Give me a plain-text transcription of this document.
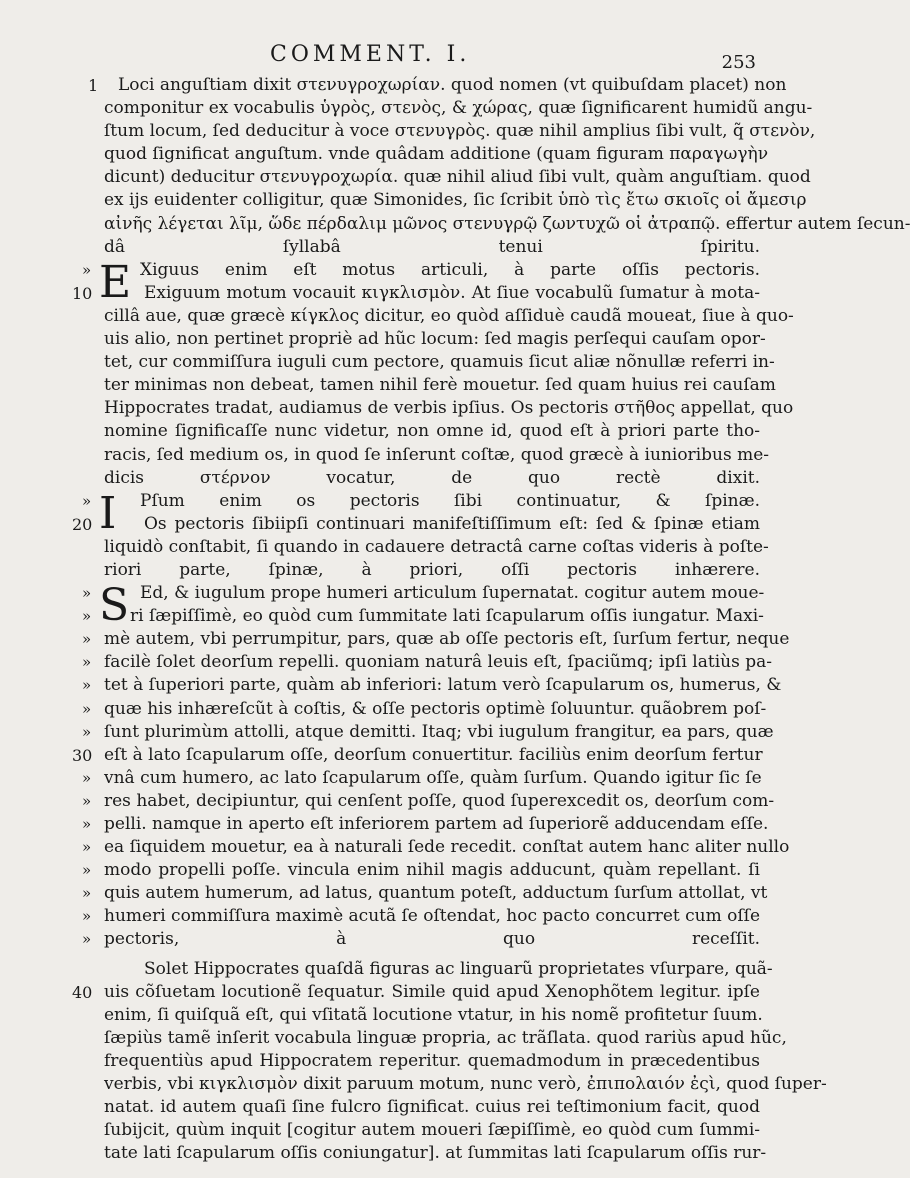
COMMENT. I.	253
1 Loci anguſtiam dixit στενυγροχωρίαν. quod nomen (vt quibuſdam placet) non
componitur ex vocabulis ὑγρὸς, στενὸς, & χώρας, quæ ſignificarent humidũ angu-
ſtum locum, ſed deducitur à voce στενυγρὸς. quæ nihil amplius ſibi vult, q̃ στενὸν,
quod ſignificat anguſtum. vnde quâdam additione (quam figuram παραγωγὴν
dicunt) deducitur στενυγροχωρία. quæ nihil aliud ſibi vult, quàm anguſtiam. quod
ex ijs euidenter colligitur, quæ Simonides, ſic ſcribit ὑπὸ τὶς ἔτω σκιοῖς οἱ ἄμεσιρ
αἰνῆς λέγεται λῖμ, ὥδε πέρδαλιμ μῶνος στενυγρῷ ζωντυχῶ οἱ ἀτραπῷ. effertur autem ſecun-
dâ ſyllabâ tenui ſpiritu.
» E Xiguus enim eſt motus articuli, à parte oſſis pectoris.
10	Exiguum motum vocauit κιγκλισμὸν. At ſiue vocabulũ ſumatur à mota-
cillâ aue, quæ græcè κίγκλος dicitur, eo quòd aſſiduè caudã moueat, ſiue à quo-
uis alio, non pertinet propriè ad hũc locum: ſed magis perſequi cauſam opor-
tet, cur commiſſura iuguli cum pectore, quamuis ſicut aliæ nõnullæ referri in-
ter minimas non debeat, tamen nihil ferè mouetur. ſed quam huius rei cauſam
Hippocrates tradat, audiamus de verbis ipſius. Os pectoris στῆθος appellat, quo
nomine ſignificaſſe nunc videtur, non omne id, quod eſt à priori parte tho-
racis, ſed medium os, in quod ſe inſerunt coſtæ, quod græcè à iunioribus me-
dicis στέρνον vocatur, de quo rectè dixit.
» I Pſum enim os pectoris ſibi continuatur, & ſpinæ.
20	Os pectoris ſibiipſi continuari manifeſtiſſimum eſt: ſed & ſpinæ etiam
liquidò conſtabit, ſi quando in cadauere detractâ carne coſtas videris à poſte-
riori parte, ſpinæ, à priori, oſſi pectoris inhærere.
» S Ed, & iugulum prope humeri articulum ſupernatat. cogitur autem moue-
»	ri ſæpiſſimè, eo quòd cum ſummitate lati ſcapularum oſſis iungatur. Maxi-
» mè autem, vbi perrumpitur, pars, quæ ab oſſe pectoris eſt, ſurſum fertur, neque
» facilè ſolet deorſum repelli. quoniam naturâ leuis eſt, ſpaciũmq; ipſi latiùs pa-
» tet à ſuperiori parte, quàm ab inferiori: latum verò ſcapularum os, humerus, &
» quæ his inhæreſcũt à coſtis, & oſſe pectoris optimè ſoluuntur. quãobrem poſ-
» ſunt plurimùm attolli, atque demitti. Itaq; vbi iugulum frangitur, ea pars, quæ
30 eſt à lato ſcapularum oſſe, deorſum conuertitur. faciliùs enim deorſum fertur
» vnâ cum humero, ac lato ſcapularum oſſe, quàm ſurſum. Quando igitur ſic ſe
» res habet, decipiuntur, qui cenſent poſſe, quod ſuperexcedit os, deorſum com-
» pelli. namque in aperto eſt inferiorem partem ad ſuperiorẽ adducendam eſſe.
» ea ſiquidem mouetur, ea à naturali ſede recedit. conſtat autem hanc aliter nullo
» modo propelli poſſe. vincula enim nihil magis adducunt, quàm repellant. ſi
» quis autem humerum, ad latus, quantum poteſt, adductum ſurſum attollat, vt
» humeri commiſſura maximè acutã ſe oſtendat, hoc pacto concurret cum oſſe
» pectoris, à quo receſſit.
Solet Hippocrates quaſdã figuras ac linguarũ proprietates vſurpare, quã-
40 uis cõſuetam locutionẽ ſequatur. Simile quid apud Xenophõtem legitur. ipſe
enim, ſi quiſquã eſt, qui vſitatã locutione vtatur, in his nomẽ profitetur ſuum.
ſæpiùs tamẽ inſerit vocabula linguæ propria, ac trãſlata. quod rariùs apud hũc,
frequentiùs apud Hippocratem reperitur. quemadmodum in præcedentibus
verbis, vbi κιγκλισμὸν dixit paruum motum, nunc verò, ἐπιπολαιόν ἐςὶ, quod ſuper-
natat. id autem quaſi ſine fulcro ſignificat. cuius rei teſtimonium facit, quod
ſubijcit, quùm inquit [cogitur autem moueri ſæpiſſimè, eo quòd cum ſummi-
tate lati ſcapularum oſſis coniungatur]. at ſummitas lati ſcapularum oſſis rur-
